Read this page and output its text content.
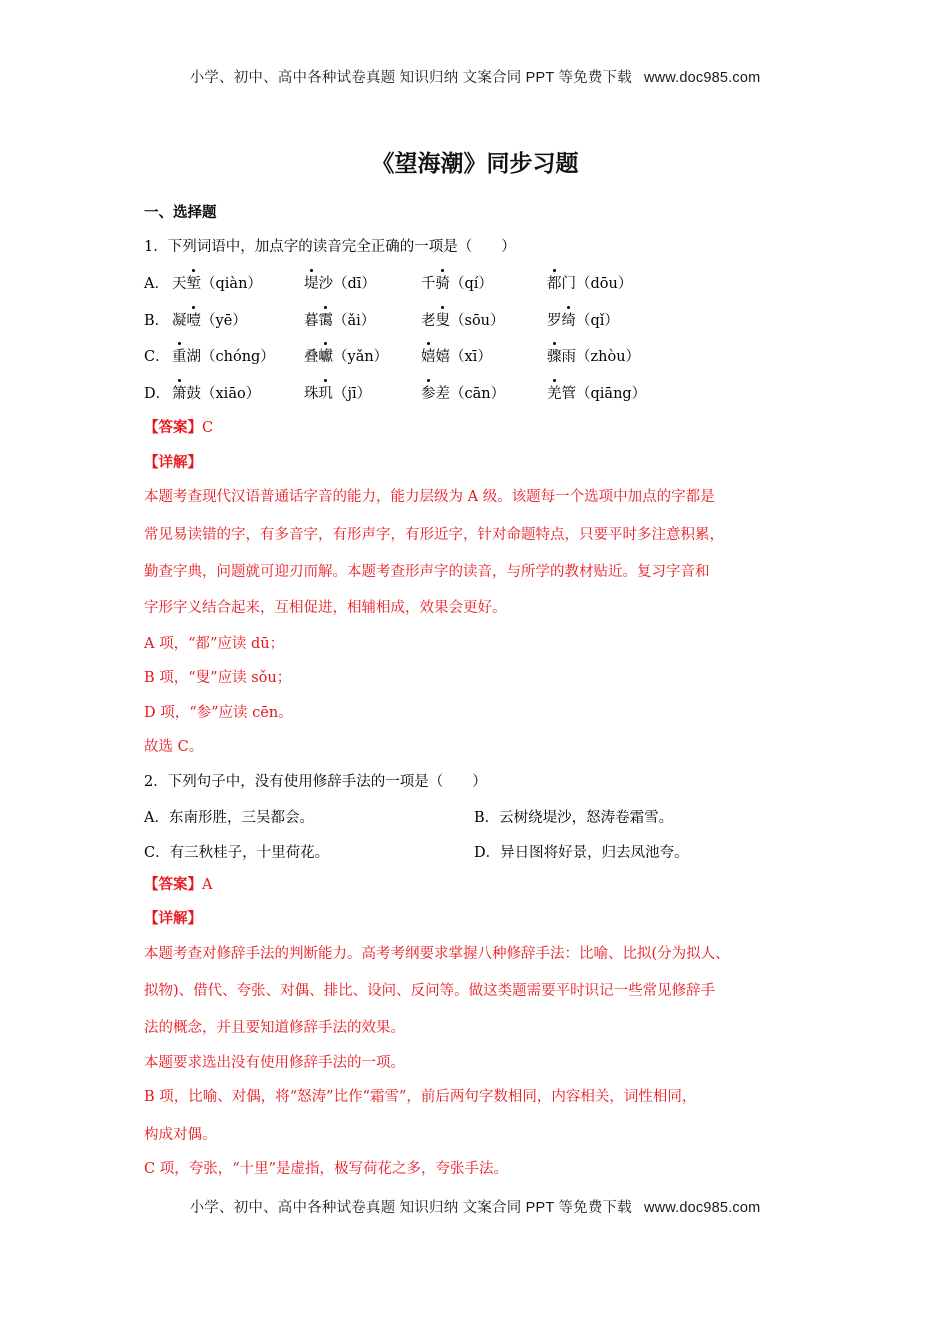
小学、初中、高中各种试卷真题 知识归纳 文案合同 PPT 等免费下载 www.doc985.com
《望海潮》同步习题
一、选择题
1．下列词语中，加点字的读音完全正确的一项是（　　）
A． 天堑（qiàn）	堤沙（dī）	千骑（qí）	都门（dōu）
B． 凝噎（yē）	暮霭（ǎi）	老叟（sōu）	罗绮（qǐ）
C． 重湖（chóng） 叠巘（yǎn） 嬉嬉（xī）	骤雨（zhòu）
D． 箫鼓（xiāo）	珠玑（jī）	参差（cān）	羌管（qiāng）
【答案】C
【详解】
本题考查现代汉语普通话字音的能力，能力层级为 A 级。该题每一个选项中加点的字都是
常见易读错的字，有多音字，有形声字，有形近字，针对命题特点，只要平时多注意积累，
勤查字典，问题就可迎刃而解。本题考查形声字的读音，与所学的教材贴近。复习字音和
字形字义结合起来，互相促进，相辅相成，效果会更好。
A 项，“都”应读 dū；
B 项，“叟”应读 sǒu；
D 项，“参”应读 cēn。
故选 C。
2．下列句子中，没有使用修辞手法的一项是（　　）
A．东南形胜，三吴都会。	B．云树绕堤沙，怒涛卷霜雪。
C．有三秋桂子，十里荷花。	D．异日图将好景，归去凤池夸。
【答案】A
【详解】
本题考查对修辞手法的判断能力。高考考纲要求掌握八种修辞手法：比喻、比拟(分为拟人、
拟物)、借代、夸张、对偶、排比、设问、反问等。做这类题需要平时识记一些常见修辞手
法的概念，并且要知道修辞手法的效果。
本题要求选出没有使用修辞手法的一项。
B 项，比喻、对偶，将“怒涛”比作“霜雪”，前后两句字数相同，内容相关，词性相同，
构成对偶。
C 项，夸张，“十里”是虚指，极写荷花之多，夸张手法。
小学、初中、高中各种试卷真题 知识归纳 文案合同 PPT 等免费下载 www.doc985.com
